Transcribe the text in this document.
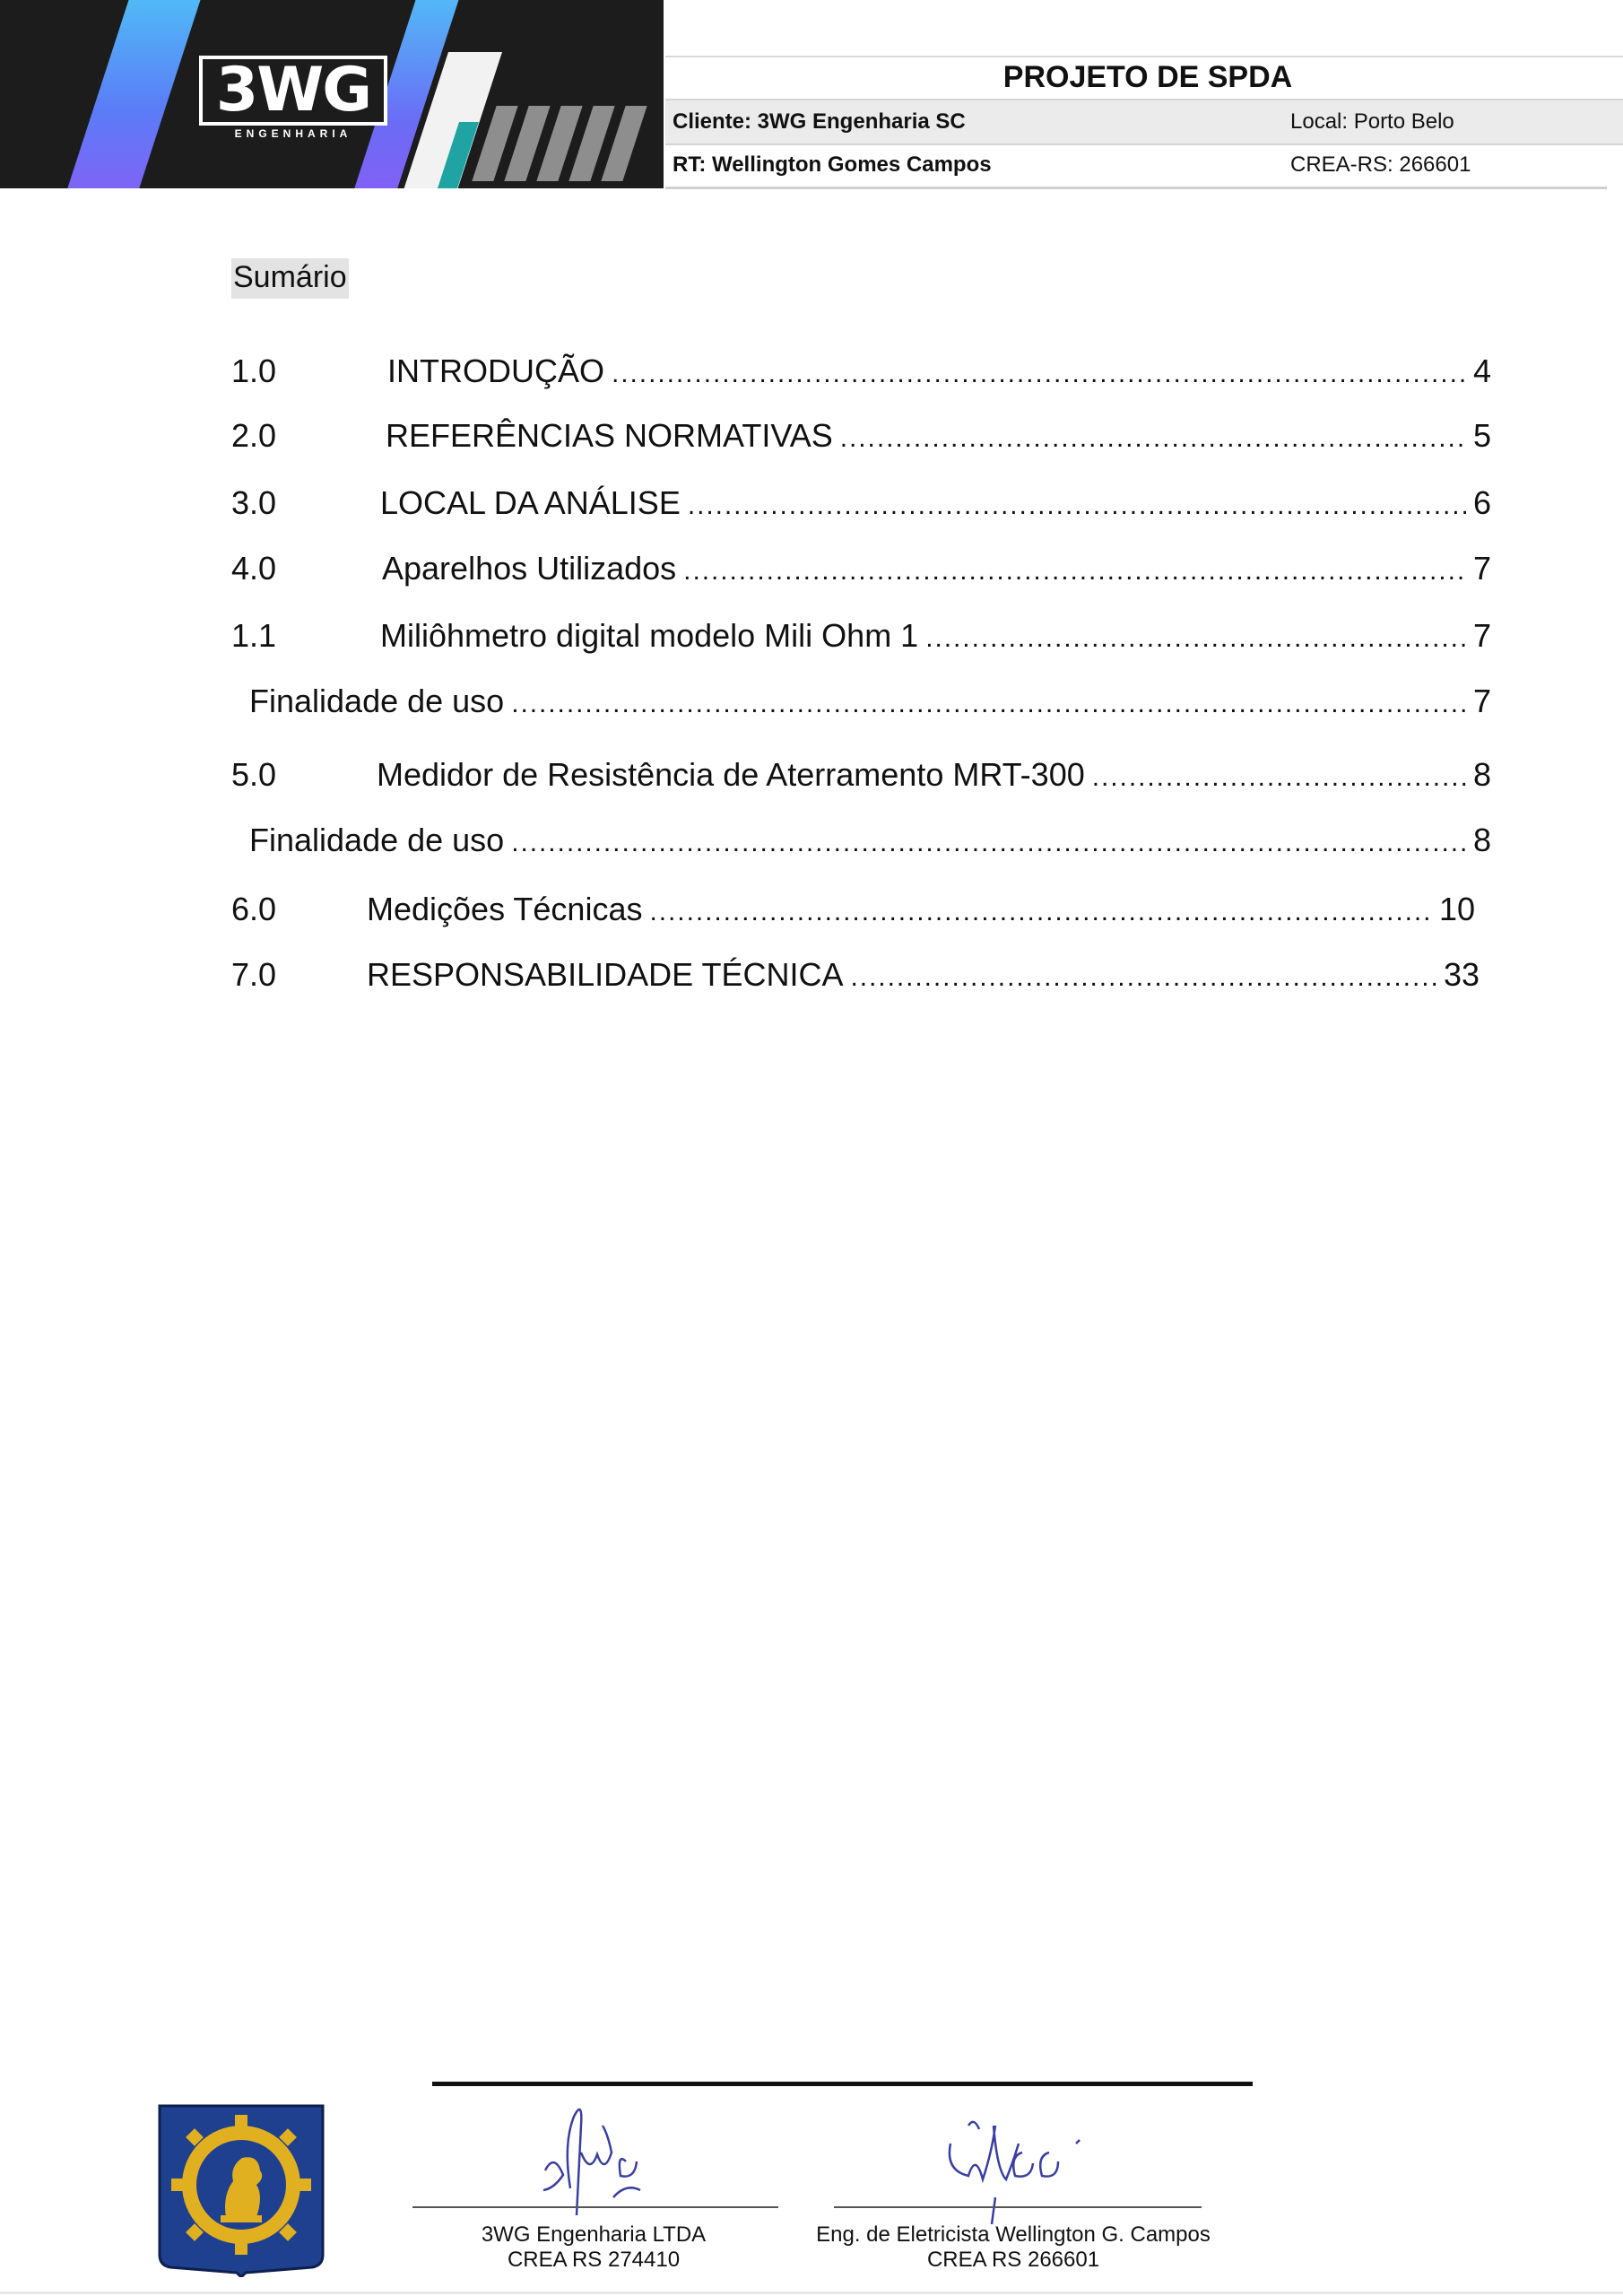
3WG
ENGENHARIA
PROJETO DE SPDA
Cliente: 3WG Engenharia SC	Local: Porto Belo
RT: Wellington Gomes Campos	CREA-RS: 266601
Sumário
1.0	INTRODUÇÃO . . .	4
2.0	REFERÊNCIAS NORMATIVAS . . .	5
3.0	LOCAL DA ANÁLISE . . .	6
4.0	Aparelhos Utilizados . . .	7
1.1	Miliôhmetro digital modelo Mili Ohm 1 . . .	7
Finalidade de uso . . .	7
5.0	Medidor de Resistência de Aterramento MRT-300 . . .	8
Finalidade de uso . . .	8
6.0	Medições Técnicas . . .	10
7.0	RESPONSABILIDADE TÉCNICA . . .	33
3WG Engenharia LTDA
CREA RS 274410
Eng. de Eletricista Wellington G. Campos
CREA RS 266601
